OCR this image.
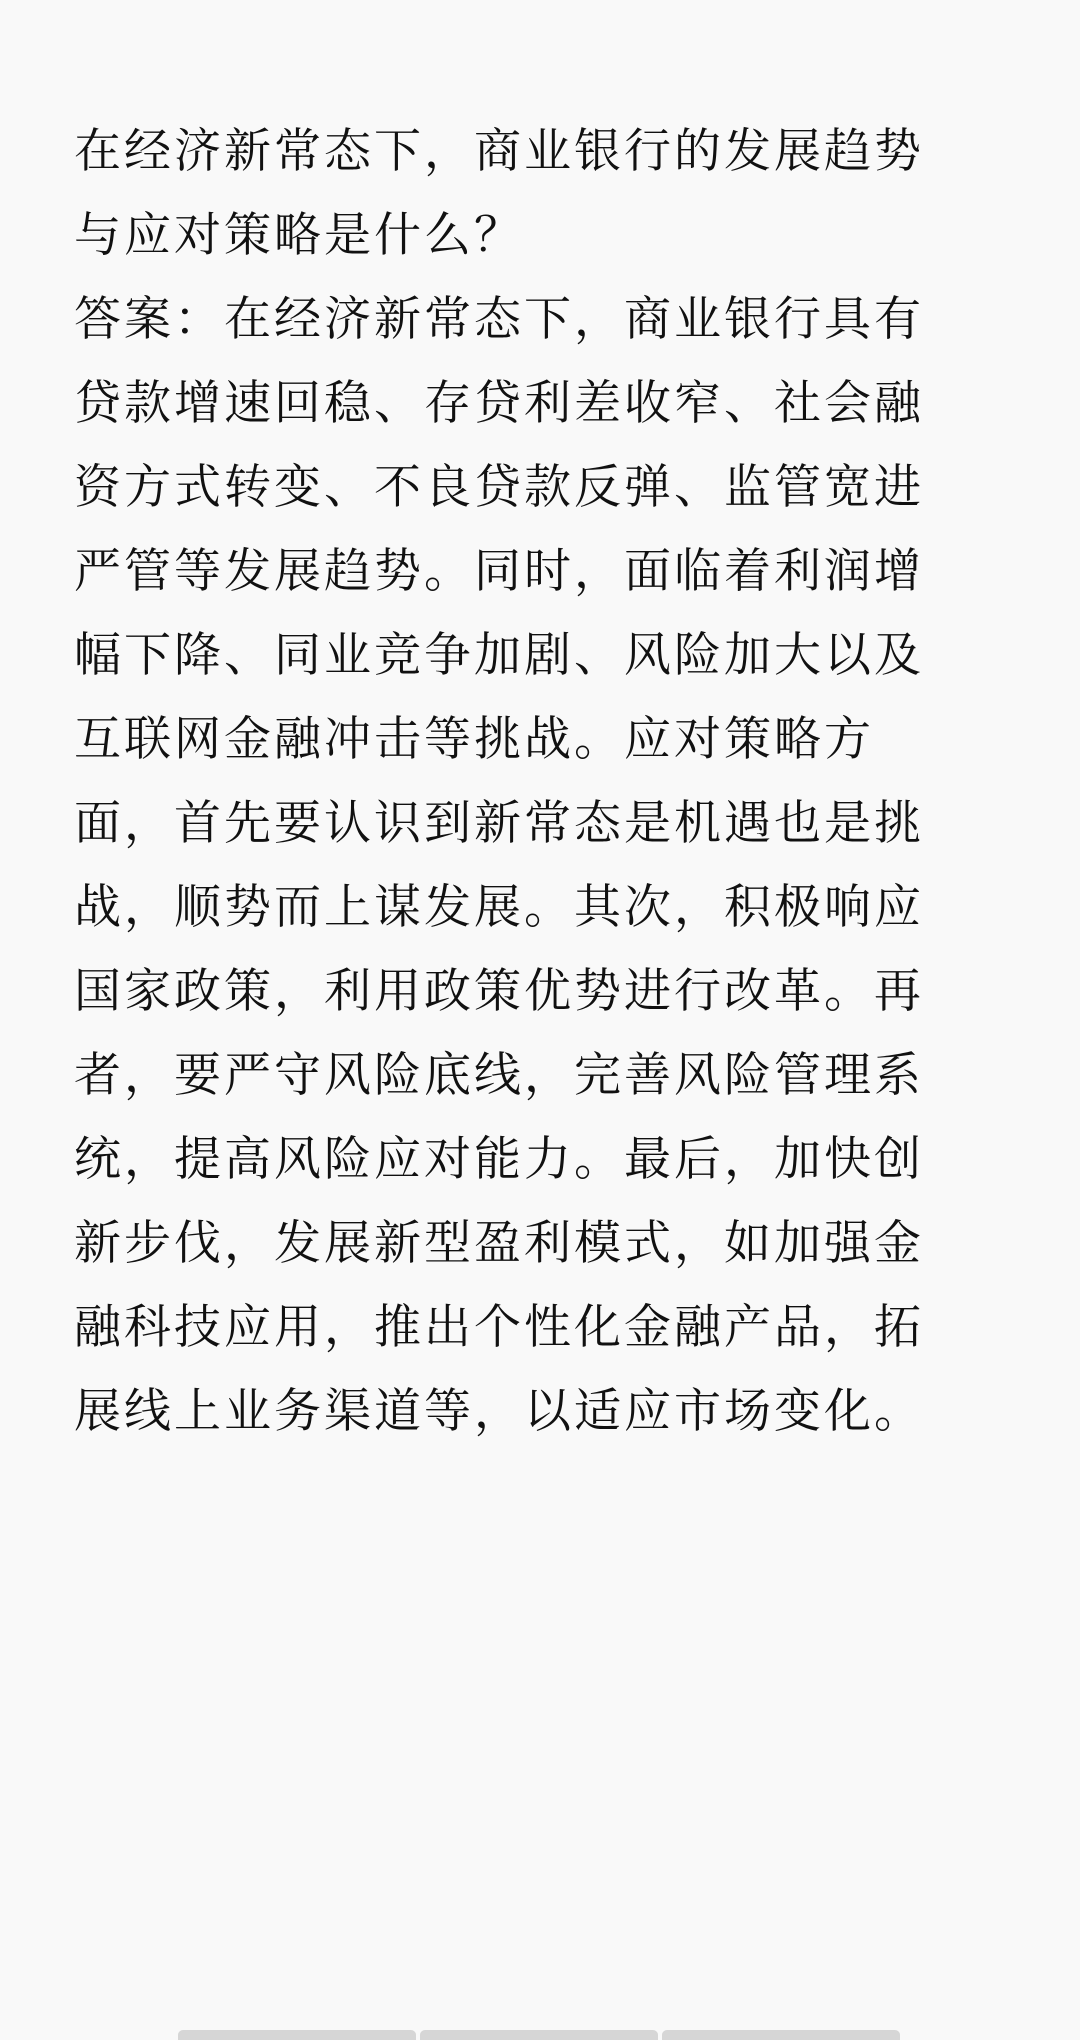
在经济新常态下，商业银行的发展趋势
与应对策略是什么？
答案：在经济新常态下，商业银行具有
贷款增速回稳、存贷利差收窄、社会融
资方式转变、不良贷款反弹、监管宽进
严管等发展趋势。同时，面临着利润增
幅下降、同业竞争加剧、风险加大以及
互联网金融冲击等挑战。应对策略方
面，首先要认识到新常态是机遇也是挑
战，顺势而上谋发展。其次，积极响应
国家政策，利用政策优势进行改革。再
者，要严守风险底线，完善风险管理系
统，提高风险应对能力。最后，加快创
新步伐，发展新型盈利模式，如加强金
融科技应用，推出个性化金融产品，拓
展线上业务渠道等，以适应市场变化。
